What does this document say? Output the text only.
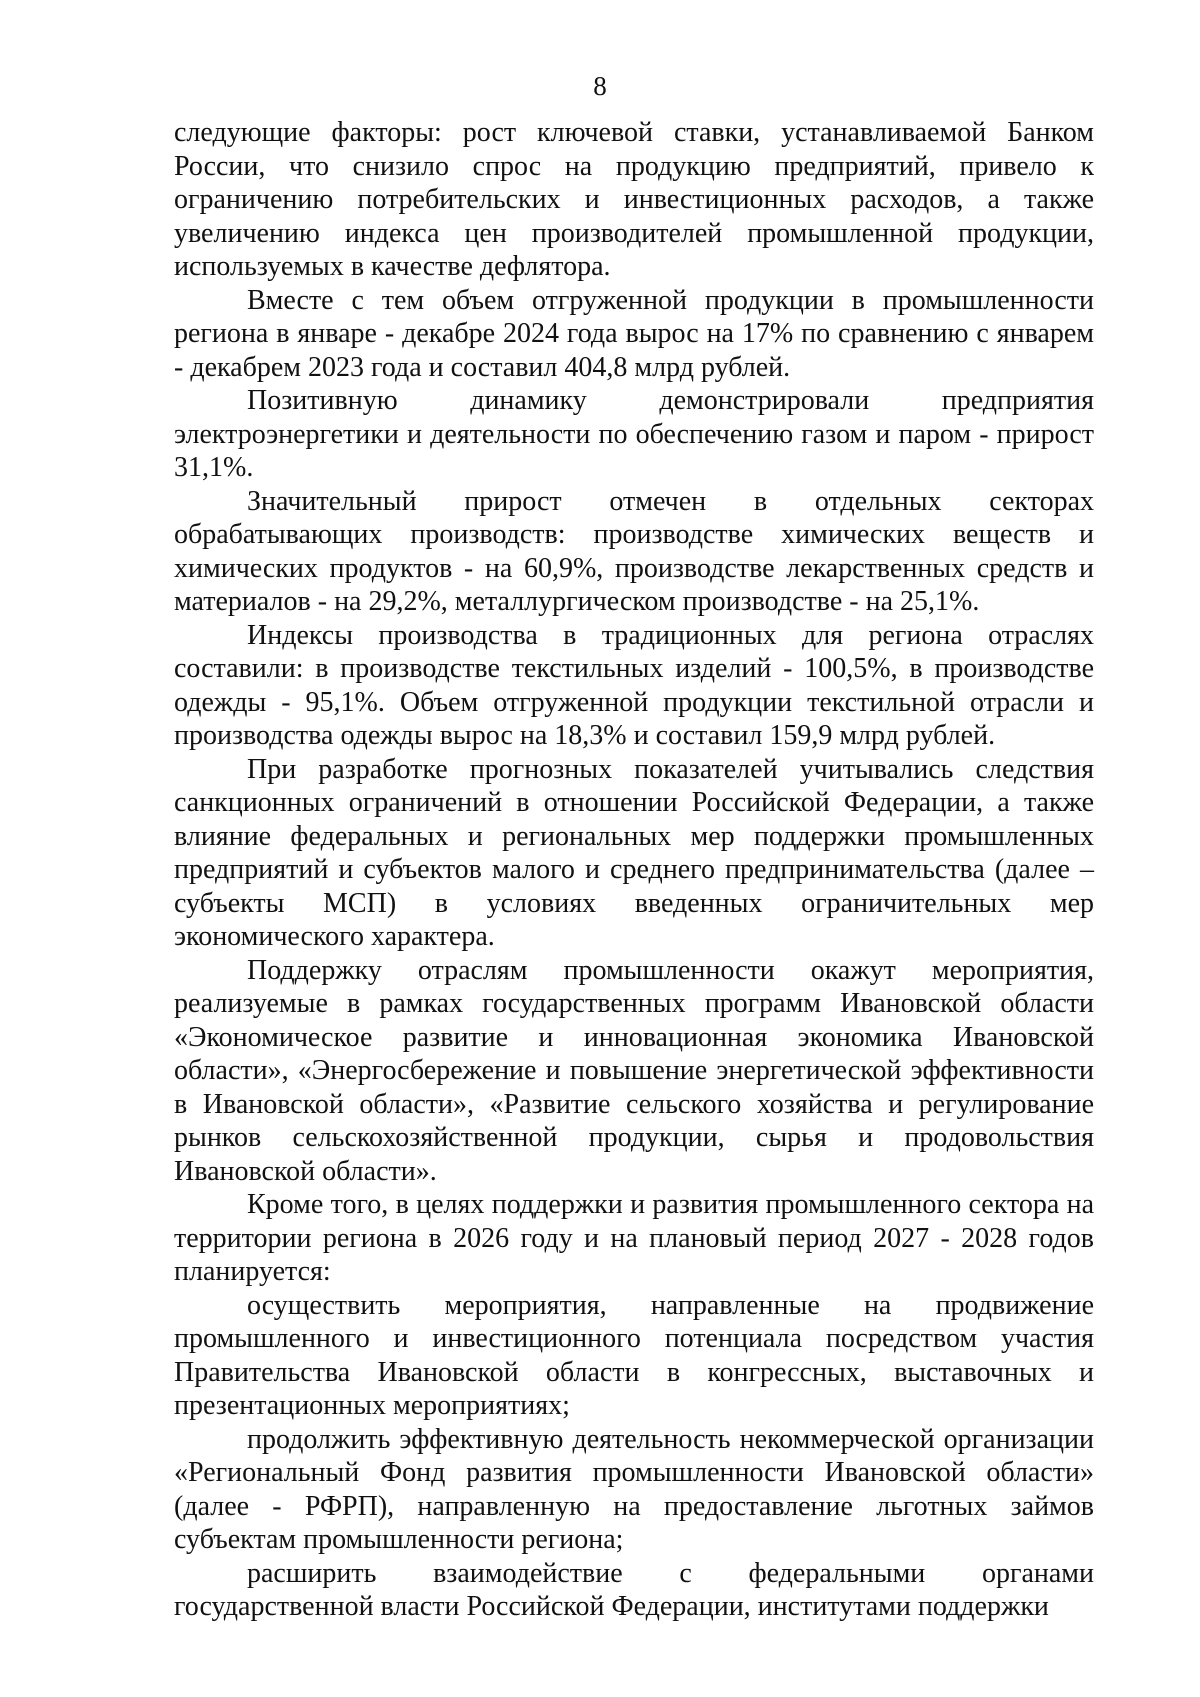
8

следующие факторы: рост ключевой ставки, устанавливаемой Банком России, что снизило спрос на продукцию предприятий, привело к ограничению потребительских и инвестиционных расходов, а также увеличению индекса цен производителей промышленной продукции, используемых в качестве дефлятора.

Вместе с тем объем отгруженной продукции в промышленности региона в январе - декабре 2024 года вырос на 17% по сравнению с январем - декабрем 2023 года и составил 404,8 млрд рублей.

Позитивную динамику демонстрировали предприятия электроэнергетики и деятельности по обеспечению газом и паром - прирост 31,1%.

Значительный прирост отмечен в отдельных секторах обрабатывающих производств: производстве химических веществ и химических продуктов - на 60,9%, производстве лекарственных средств и материалов - на 29,2%, металлургическом производстве - на 25,1%.

Индексы производства в традиционных для региона отраслях составили: в производстве текстильных изделий - 100,5%, в производстве одежды - 95,1%. Объем отгруженной продукции текстильной отрасли и производства одежды вырос на 18,3% и составил 159,9 млрд рублей.

При разработке прогнозных показателей учитывались следствия санкционных ограничений в отношении Российской Федерации, а также влияние федеральных и региональных мер поддержки промышленных предприятий и субъектов малого и среднего предпринимательства (далее – субъекты МСП) в условиях введенных ограничительных мер экономического характера.

Поддержку отраслям промышленности окажут мероприятия, реализуемые в рамках государственных программ Ивановской области «Экономическое развитие и инновационная экономика Ивановской области», «Энергосбережение и повышение энергетической эффективности в Ивановской области», «Развитие сельского хозяйства и регулирование рынков сельскохозяйственной продукции, сырья и продовольствия Ивановской области».

Кроме того, в целях поддержки и развития промышленного сектора на территории региона в 2026 году и на плановый период 2027 - 2028 годов планируется:

осуществить мероприятия, направленные на продвижение промышленного и инвестиционного потенциала посредством участия Правительства Ивановской области в конгрессных, выставочных и презентационных мероприятиях;

продолжить эффективную деятельность некоммерческой организации «Региональный Фонд развития промышленности Ивановской области» (далее - РФРП), направленную на предоставление льготных займов субъектам промышленности региона;

расширить взаимодействие с федеральными органами государственной власти Российской Федерации, институтами поддержки
